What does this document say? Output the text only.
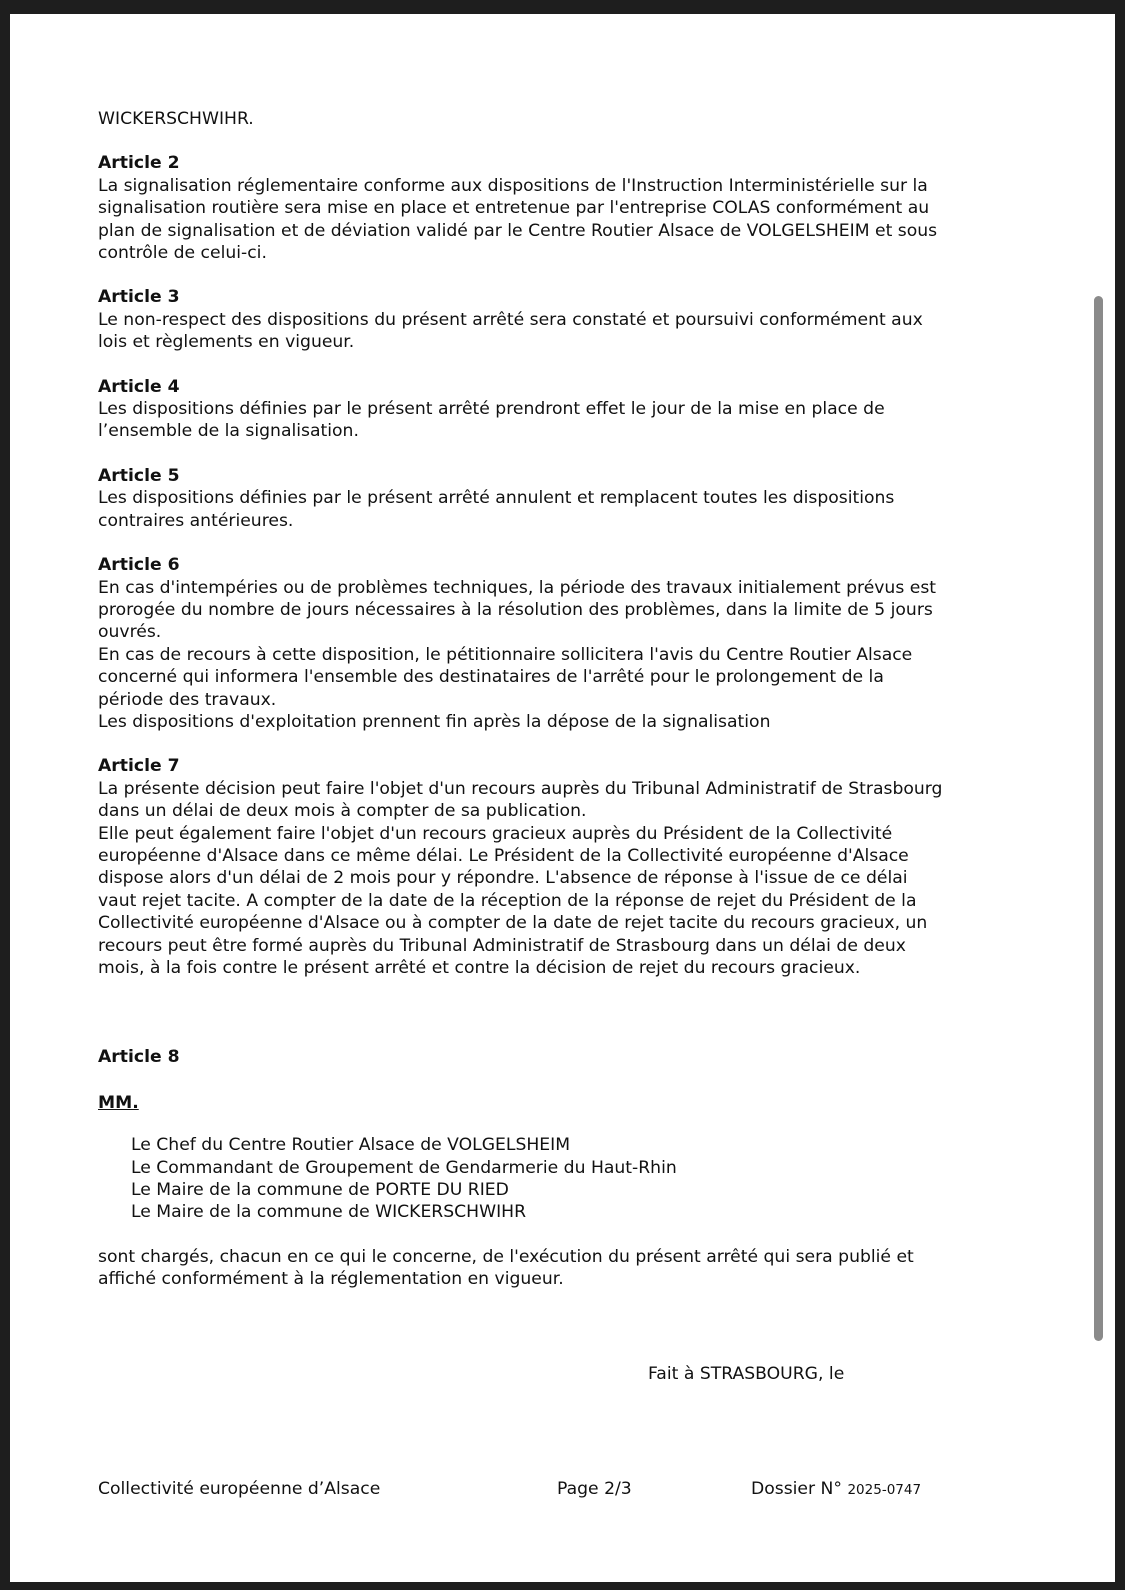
WICKERSCHWIHR.
Article 2
La signalisation réglementaire conforme aux dispositions de l'Instruction Interministérielle sur la
signalisation routière sera mise en place et entretenue par l'entreprise COLAS conformément au
plan de signalisation et de déviation validé par le Centre Routier Alsace de VOLGELSHEIM et sous
contrôle de celui-ci.
Article 3
Le non-respect des dispositions du présent arrêté sera constaté et poursuivi conformément aux
lois et règlements en vigueur.
Article 4
Les dispositions définies par le présent arrêté prendront effet le jour de la mise en place de
l’ensemble de la signalisation.
Article 5
Les dispositions définies par le présent arrêté annulent et remplacent toutes les dispositions
contraires antérieures.
Article 6
En cas d'intempéries ou de problèmes techniques, la période des travaux initialement prévus est
prorogée du nombre de jours nécessaires à la résolution des problèmes, dans la limite de 5 jours
ouvrés.
En cas de recours à cette disposition, le pétitionnaire sollicitera l'avis du Centre Routier Alsace
concerné qui informera l'ensemble des destinataires de l'arrêté pour le prolongement de la
période des travaux.
Les dispositions d'exploitation prennent fin après la dépose de la signalisation
Article 7
La présente décision peut faire l'objet d'un recours auprès du Tribunal Administratif de Strasbourg
dans un délai de deux mois à compter de sa publication.
Elle peut également faire l'objet d'un recours gracieux auprès du Président de la Collectivité
européenne d'Alsace dans ce même délai. Le Président de la Collectivité européenne d'Alsace
dispose alors d'un délai de 2 mois pour y répondre. L'absence de réponse à l'issue de ce délai
vaut rejet tacite. A compter de la date de la réception de la réponse de rejet du Président de la
Collectivité européenne d'Alsace ou à compter de la date de rejet tacite du recours gracieux, un
recours peut être formé auprès du Tribunal Administratif de Strasbourg dans un délai de deux
mois, à la fois contre le présent arrêté et contre la décision de rejet du recours gracieux.
Article 8
MM.
Le Chef du Centre Routier Alsace de VOLGELSHEIM
Le Commandant de Groupement de Gendarmerie du Haut-Rhin
Le Maire de la commune de PORTE DU RIED
Le Maire de la commune de WICKERSCHWIHR
sont chargés, chacun en ce qui le concerne, de l'exécution du présent arrêté qui sera publié et
affiché conformément à la réglementation en vigueur.
Fait à STRASBOURG, le
Collectivité européenne d’Alsace	Page 2/3	Dossier N° 2025-0747
